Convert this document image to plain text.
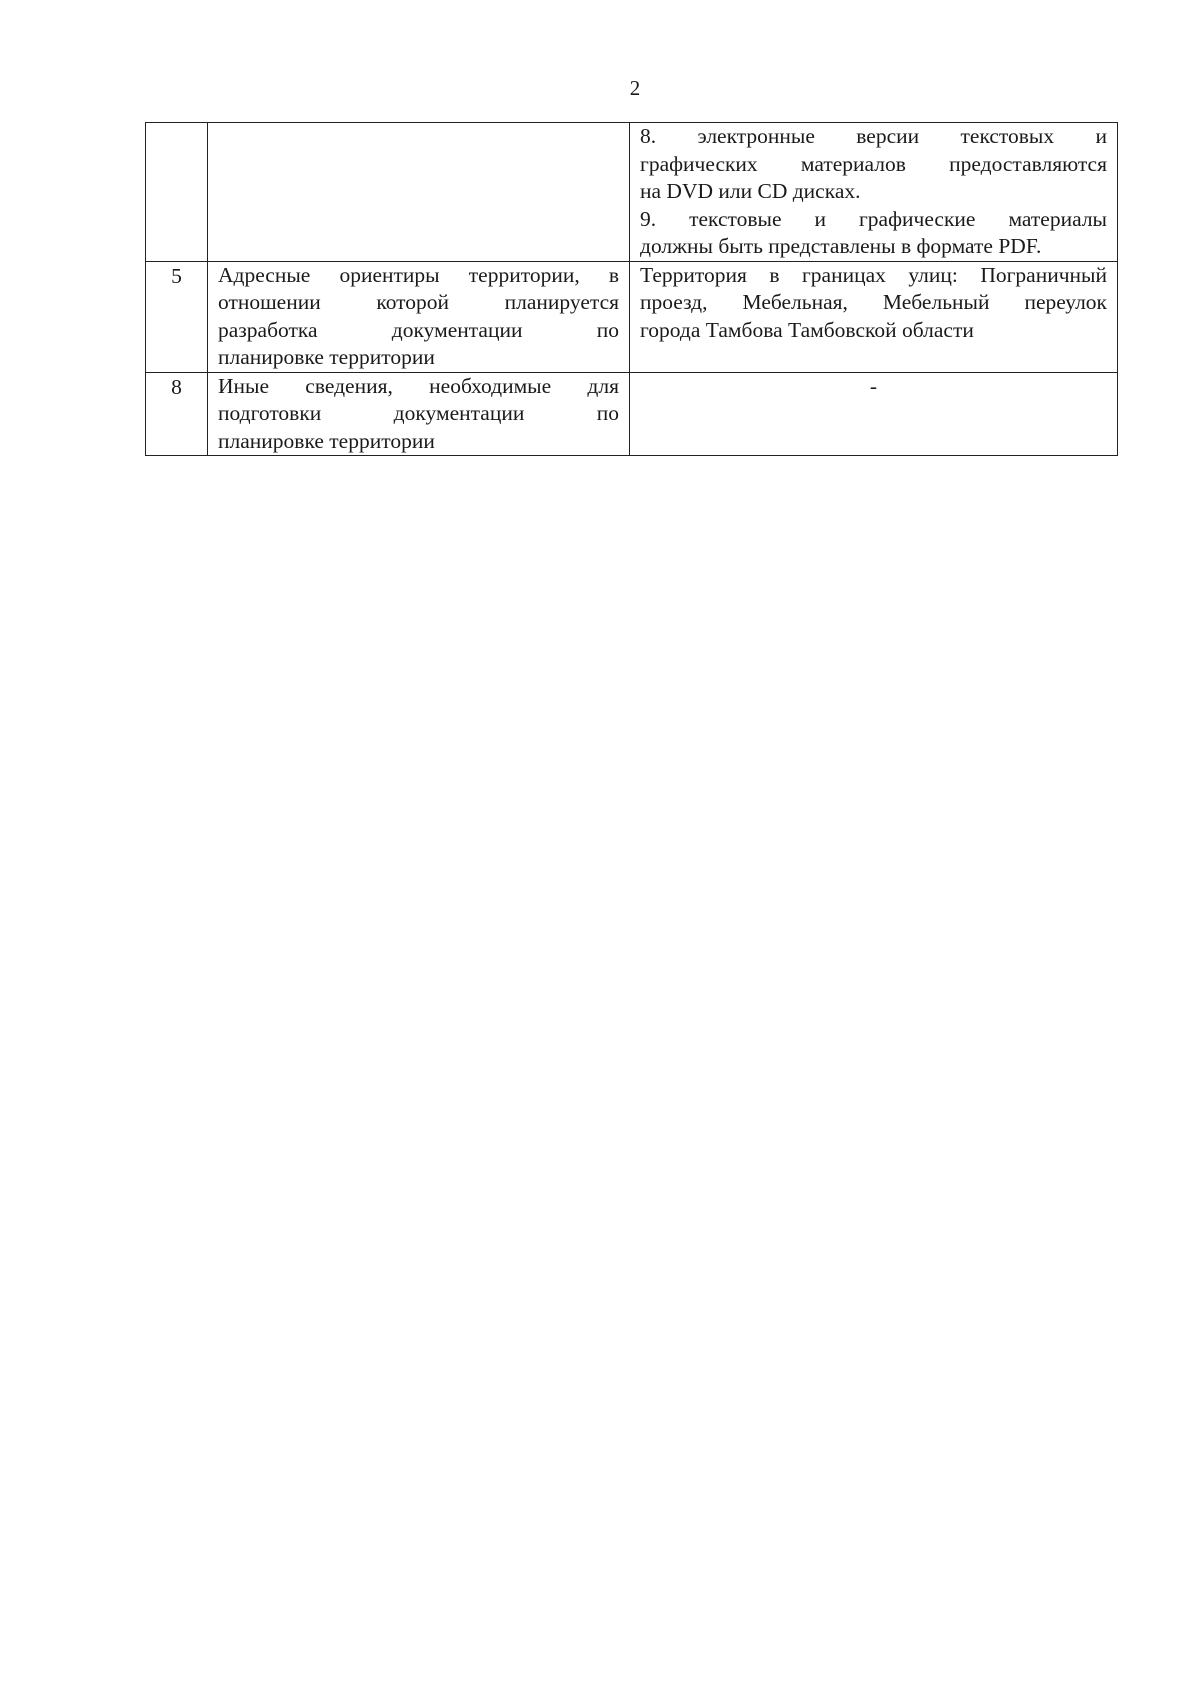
2

		8. электронные версии текстовых и
графических материалов предоставляются
на DVD или CD дисках.
9. текстовые и графические материалы
должны быть представлены в формате PDF.

5	Адресные ориентиры территории, в
отношении которой планируется
разработка документации по
планировке территории	Территория в границах улиц: Пограничный
проезд, Мебельная, Мебельный переулок
города Тамбова Тамбовской области

8	Иные сведения, необходимые для
подготовки документации по
планировке территории	-
